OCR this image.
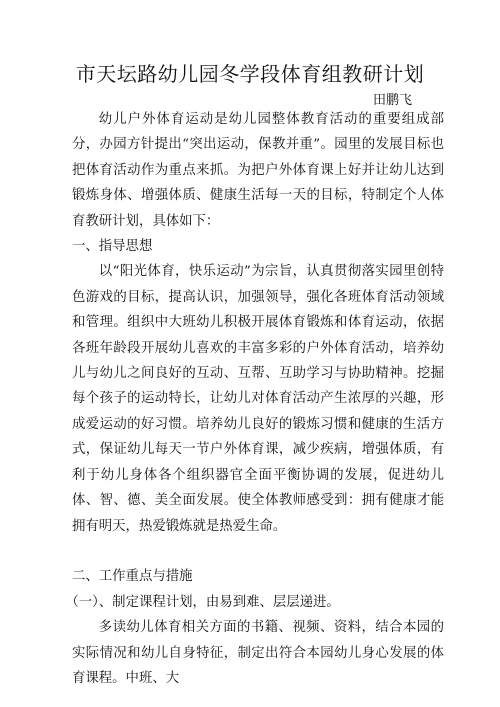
市天坛路幼儿园冬学段体育组教研计划
田鹏飞

幼儿户外体育运动是幼儿园整体教育活动的重要组成部分，办园方针提出“突出运动，保教并重”。园里的发展目标也把体育活动作为重点来抓。为把户外体育课上好并让幼儿达到锻炼身体、增强体质、健康生活每一天的目标，特制定个人体育教研计划，具体如下：

一、指导思想

以“阳光体育，快乐运动”为宗旨，认真贯彻落实园里创特色游戏的目标，提高认识，加强领导，强化各班体育活动领域和管理。组织中大班幼儿积极开展体育锻炼和体育运动，依据各班年龄段开展幼儿喜欢的丰富多彩的户外体育活动，培养幼儿与幼儿之间良好的互动、互帮、互助学习与协助精神。挖掘每个孩子的运动特长，让幼儿对体育活动产生浓厚的兴趣，形成爱运动的好习惯。培养幼儿良好的锻炼习惯和健康的生活方式，保证幼儿每天一节户外体育课，减少疾病，增强体质，有利于幼儿身体各个组织器官全面平衡协调的发展，促进幼儿体、智、德、美全面发展。使全体教师感受到：拥有健康才能拥有明天，热爱锻炼就是热爱生命。

二、工作重点与措施

（一）、制定课程计划，由易到难、层层递进。

多读幼儿体育相关方面的书籍、视频、资料，结合本园的实际情况和幼儿自身特征，制定出符合本园幼儿身心发展的体育课程。中班、大
